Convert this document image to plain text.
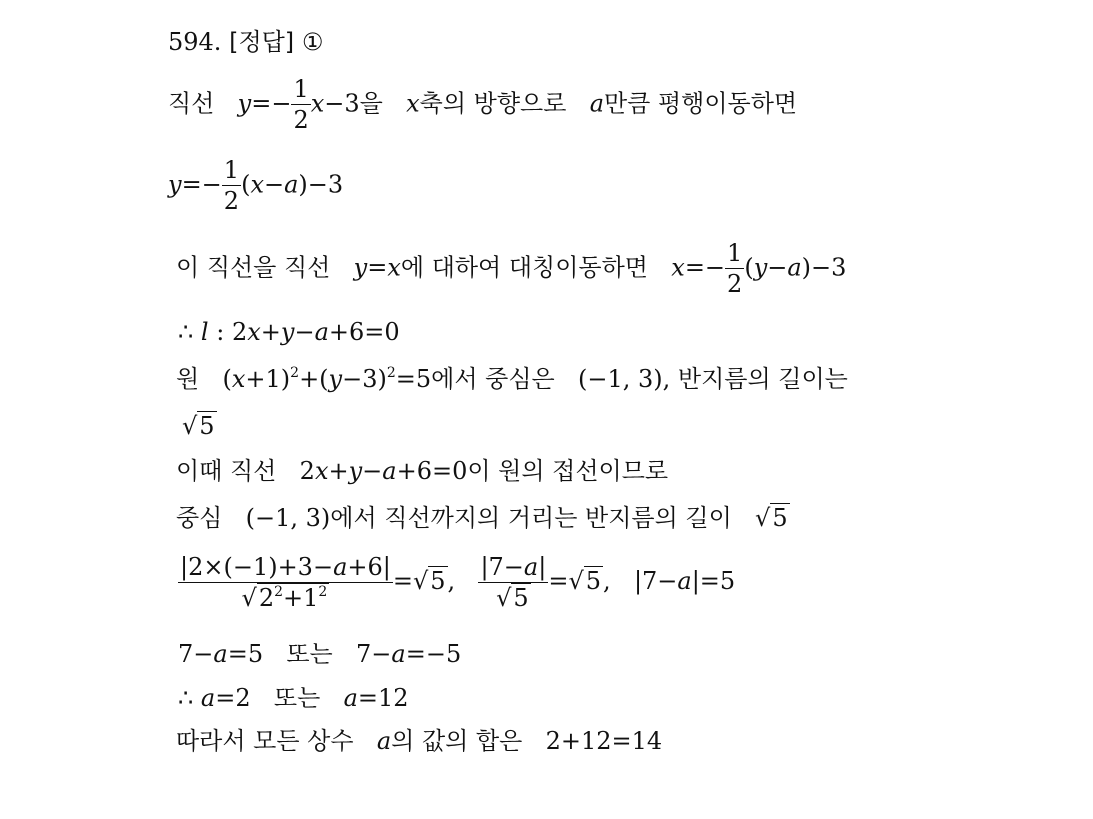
594. [정답] ①
직선 $y=- \frac{1}{2} x-3$을 x축의 방향으로 a만큼 평행이동하면
$y=- \frac{1}{2} (x-a)-3$
이 직선을 직선 y=x에 대하여 대칭이동하면 $x=- \frac{1}{2} (y-a)-3$
∴ l : 2x+y−a+6=0
원 $(x+1)^2+(y-3)^2=5$에서 중심은 (−1, 3), 반지름의 길이는
√5
이때 직선 2x+y−a+6=0이 원의 접선이므로
중심 (−1, 3)에서 직선까지의 거리는 반지름의 길이 √5
$\frac{|2\times(-1)+3-a+6|}{√2^2+1^2} =√5$, $\frac{|7-a|}{√5} =√5$, |7−a|=5
7−a=5 또는 7−a=−5
∴ a=2 또는 a=12
따라서 모든 상수 a의 값의 합은 2+12=14
